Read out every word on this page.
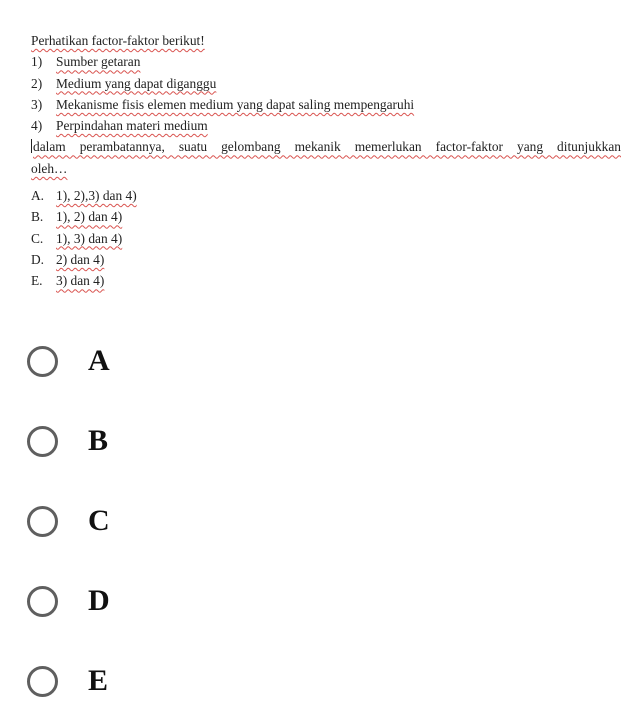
Perhatikan factor-faktor berikut!
1)	Sumber getaran
2)	Medium yang dapat diganggu
3)	Mekanisme fisis elemen medium yang dapat saling mempengaruhi
4)	Perpindahan materi medium
dalam perambatannya, suatu gelombang mekanik memerlukan factor-faktor yang ditunjukkan
oleh…
A. 1), 2),3) dan 4)
B. 1), 2) dan 4)
C. 1), 3) dan 4)
D. 2) dan 4)
E.	3) dan 4)
A
B
C
D
E
